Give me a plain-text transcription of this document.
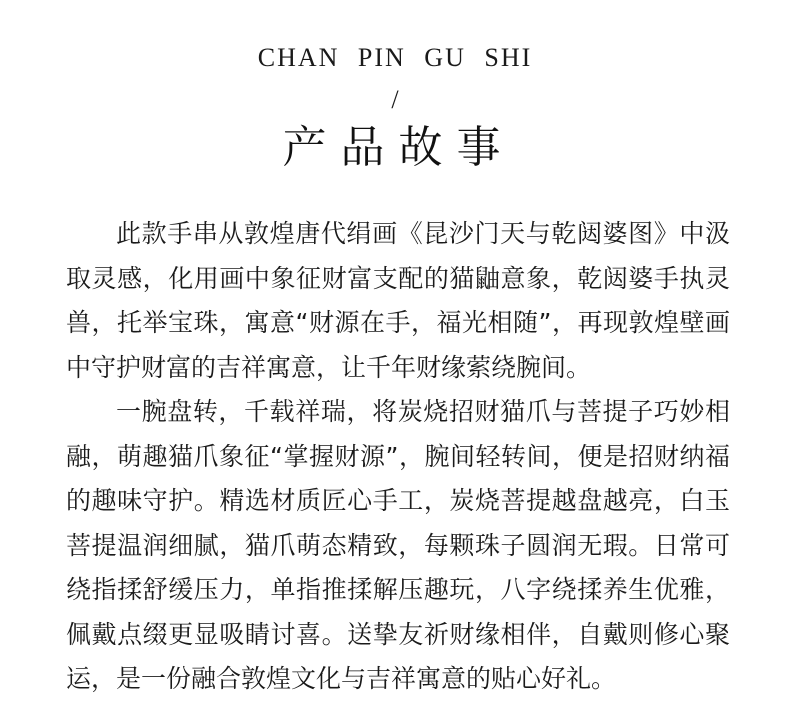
CHAN PIN GU SHI
/
产品故事

此款手串从敦煌唐代绢画《昆沙门天与乾闼婆图》中汲取灵感，化用画中象征财富支配的猫鼬意象，乾闼婆手执灵兽，托举宝珠，寓意“财源在手，福光相随”，再现敦煌壁画中守护财富的吉祥寓意，让千年财缘萦绕腕间。

一腕盘转，千载祥瑞，将炭烧招财猫爪与菩提子巧妙相融，萌趣猫爪象征“掌握财源”，腕间轻转间，便是招财纳福的趣味守护。精选材质匠心手工，炭烧菩提越盘越亮，白玉菩提温润细腻，猫爪萌态精致，每颗珠子圆润无瑕。日常可绕指揉舒缓压力，单指推揉解压趣玩，八字绕揉养生优雅，佩戴点缀更显吸睛讨喜。送挚友祈财缘相伴，自戴则修心聚运，是一份融合敦煌文化与吉祥寓意的贴心好礼。
